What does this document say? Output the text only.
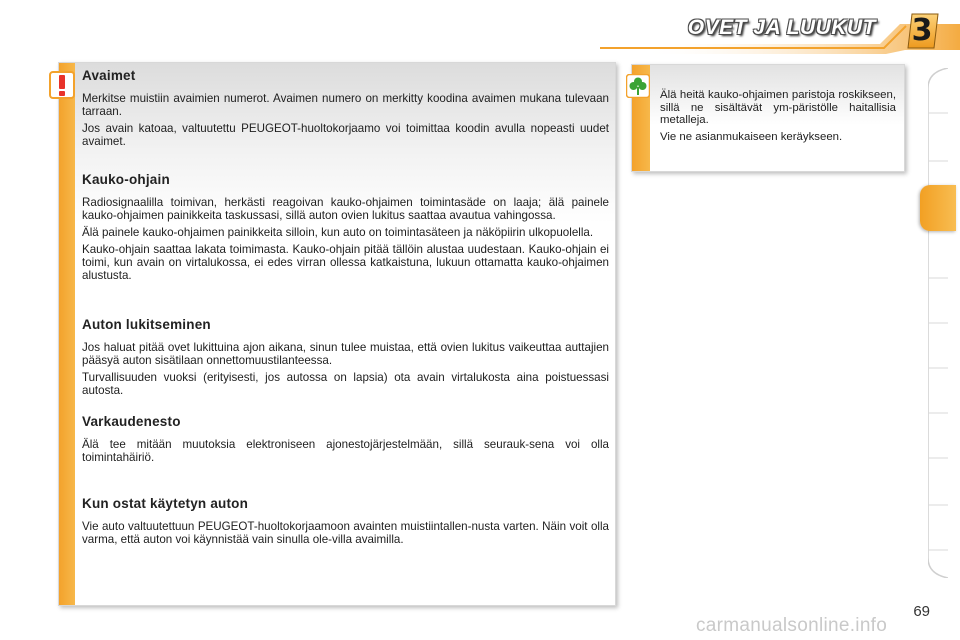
OVET JA LUUKUT 3
Avaimet

Merkitse muistiin avaimien numerot. Avaimen numero on merkitty koodina avaimen mukana tulevaan tarraan.

Jos avain katoaa, valtuutettu PEUGEOT-huoltokorjaamo voi toimittaa koodin avulla nopeasti uudet avaimet.

Kauko-ohjain

Radiosignaalilla toimivan, herkästi reagoivan kauko-ohjaimen toimintasäde on laaja; älä painele kauko-ohjaimen painikkeita taskussasi, sillä auton ovien lukitus saattaa avautua vahingossa.

Älä painele kauko-ohjaimen painikkeita silloin, kun auto on toimintasäteen ja näköpiirin ulkopuolella.

Kauko-ohjain saattaa lakata toimimasta. Kauko-ohjain pitää tällöin alustaa uudestaan. Kauko-ohjain ei toimi, kun avain on virtalukossa, ei edes virran ollessa katkaistuna, lukuun ottamatta kauko-ohjaimen alustusta.

Auton lukitseminen

Jos haluat pitää ovet lukittuina ajon aikana, sinun tulee muistaa, että ovien lukitus vaikeuttaa auttajien pääsyä auton sisätilaan onnettomuustilanteessa.

Turvallisuuden vuoksi (erityisesti, jos autossa on lapsia) ota avain virtalukosta aina poistuessasi autosta.

Varkaudenesto

Älä tee mitään muutoksia elektroniseen ajonestojärjestelmään, sillä seurauk-sena voi olla toimintahäiriö.

Kun ostat käytetyn auton

Vie auto valtuutettuun PEUGEOT-huoltokorjaamoon avainten muistiintallen-nusta varten. Näin voit olla varma, että auton voi käynnistää vain sinulla ole-villa avaimilla.

Älä heitä kauko-ohjaimen paristoja roskikseen, sillä ne sisältävät ym-päristölle haitallisia metalleja.

Vie ne asianmukaiseen keräykseen.

69
carmanualsonline.info
